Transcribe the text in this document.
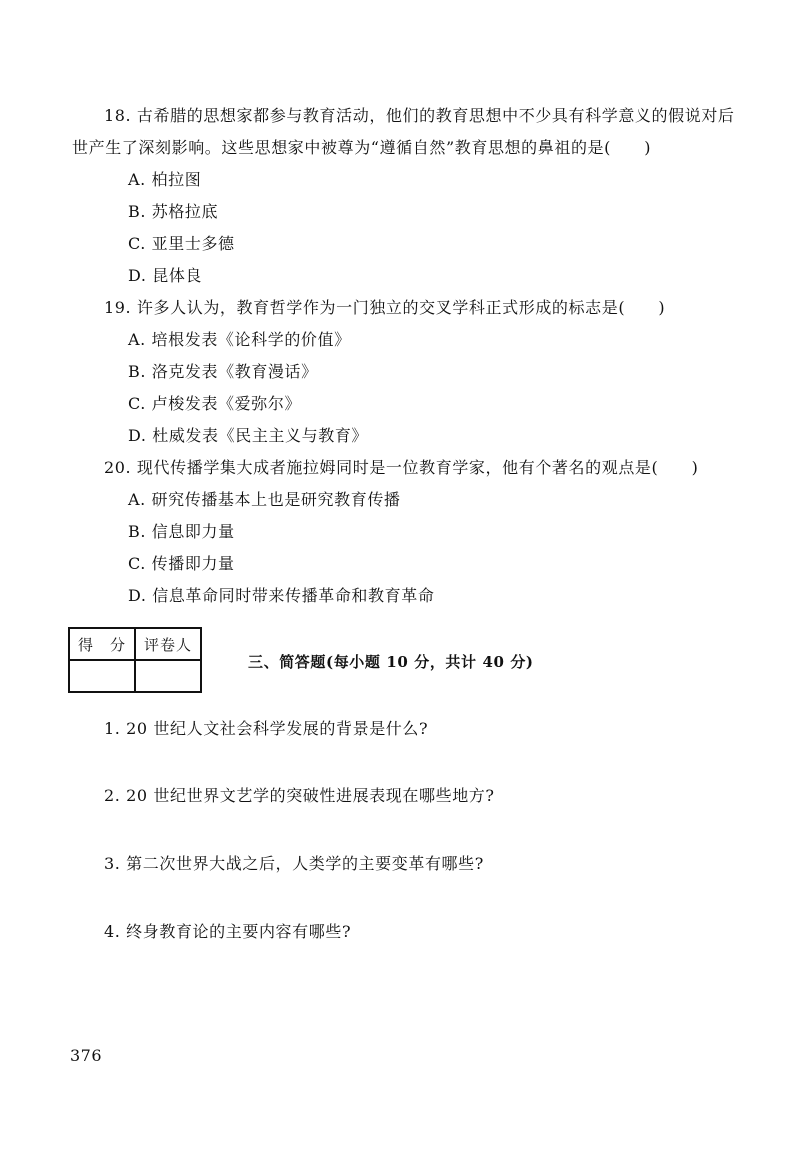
18. 古希腊的思想家都参与教育活动，他们的教育思想中不少具有科学意义的假说对后
世产生了深刻影响。这些思想家中被尊为“遵循自然”教育思想的鼻祖的是(　　)
A. 柏拉图
B. 苏格拉底
C. 亚里士多德
D. 昆体良
19. 许多人认为，教育哲学作为一门独立的交叉学科正式形成的标志是(　　)
A. 培根发表《论科学的价值》
B. 洛克发表《教育漫话》
C. 卢梭发表《爱弥尔》
D. 杜威发表《民主主义与教育》
20. 现代传播学集大成者施拉姆同时是一位教育学家，他有个著名的观点是(　　)
A. 研究传播基本上也是研究教育传播
B. 信息即力量
C. 传播即力量
D. 信息革命同时带来传播革命和教育革命
得　分	评卷人

三、简答题(每小题 10 分，共计 40 分)
1. 20 世纪人文社会科学发展的背景是什么?
2. 20 世纪世界文艺学的突破性进展表现在哪些地方?
3. 第二次世界大战之后，人类学的主要变革有哪些?
4. 终身教育论的主要内容有哪些?
376
